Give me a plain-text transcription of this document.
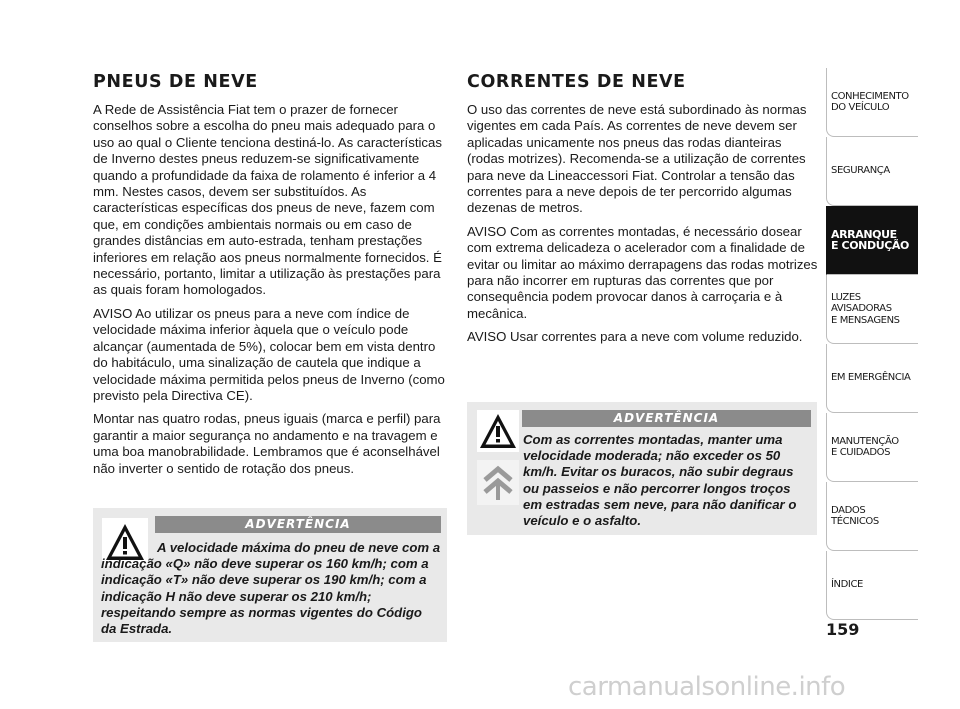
PNEUS DE NEVE

A Rede de Assistência Fiat tem o prazer de fornecer conselhos sobre a escolha do pneu mais adequado para o uso ao qual o Cliente tenciona destiná-lo. As características de Inverno destes pneus reduzem-se significativamente quando a profundidade da faixa de rolamento é inferior a 4 mm. Nestes casos, devem ser substituídos. As características específicas dos pneus de neve, fazem com que, em condições ambientais normais ou em caso de grandes distâncias em auto-estrada, tenham prestações inferiores em relação aos pneus normalmente fornecidos. É necessário, portanto, limitar a utilização às prestações para as quais foram homologados.

AVISO Ao utilizar os pneus para a neve com índice de velocidade máxima inferior àquela que o veículo pode alcançar (aumentada de 5%), colocar bem em vista dentro do habitáculo, uma sinalização de cautela que indique a velocidade máxima permitida pelos pneus de Inverno (como previsto pela Directiva CE).

Montar nas quatro rodas, pneus iguais (marca e perfil) para garantir a maior segurança no andamento e na travagem e uma boa manobrabilidade. Lembramos que é aconselhável não inverter o sentido de rotação dos pneus.

ADVERTÊNCIA

A velocidade máxima do pneu de neve com a indicação «Q» não deve superar os 160 km/h; com a indicação «T» não deve superar os 190 km/h; com a indicação H não deve superar os 210 km/h; respeitando sempre as normas vigentes do Código da Estrada.

CORRENTES DE NEVE

O uso das correntes de neve está subordinado às normas vigentes em cada País. As correntes de neve devem ser aplicadas unicamente nos pneus das rodas dianteiras (rodas motrizes). Recomenda-se a utilização de correntes para neve da Lineaccessori Fiat. Controlar a tensão das correntes para a neve depois de ter percorrido algumas dezenas de metros.

AVISO Com as correntes montadas, é necessário dosear com extrema delicadeza o acelerador com a finalidade de evitar ou limitar ao máximo derrapagens das rodas motrizes para não incorrer em rupturas das correntes que por consequência podem provocar danos à carroçaria e à mecânica.

AVISO Usar correntes para a neve com volume reduzido.

ADVERTÊNCIA

Com as correntes montadas, manter uma velocidade moderada; não exceder os 50 km/h. Evitar os buracos, não subir degraus ou passeios e não percorrer longos troços em estradas sem neve, para não danificar o veículo e o asfalto.

CONHECIMENTO
DO VEÍCULO
SEGURANÇA
ARRANQUE
E CONDUÇÃO
LUZES
AVISADORAS
E MENSAGENS
EM EMERGÊNCIA
MANUTENÇÃO
E CUIDADOS
DADOS
TÉCNICOS
ÍNDICE
159
carmanualsonline.info
